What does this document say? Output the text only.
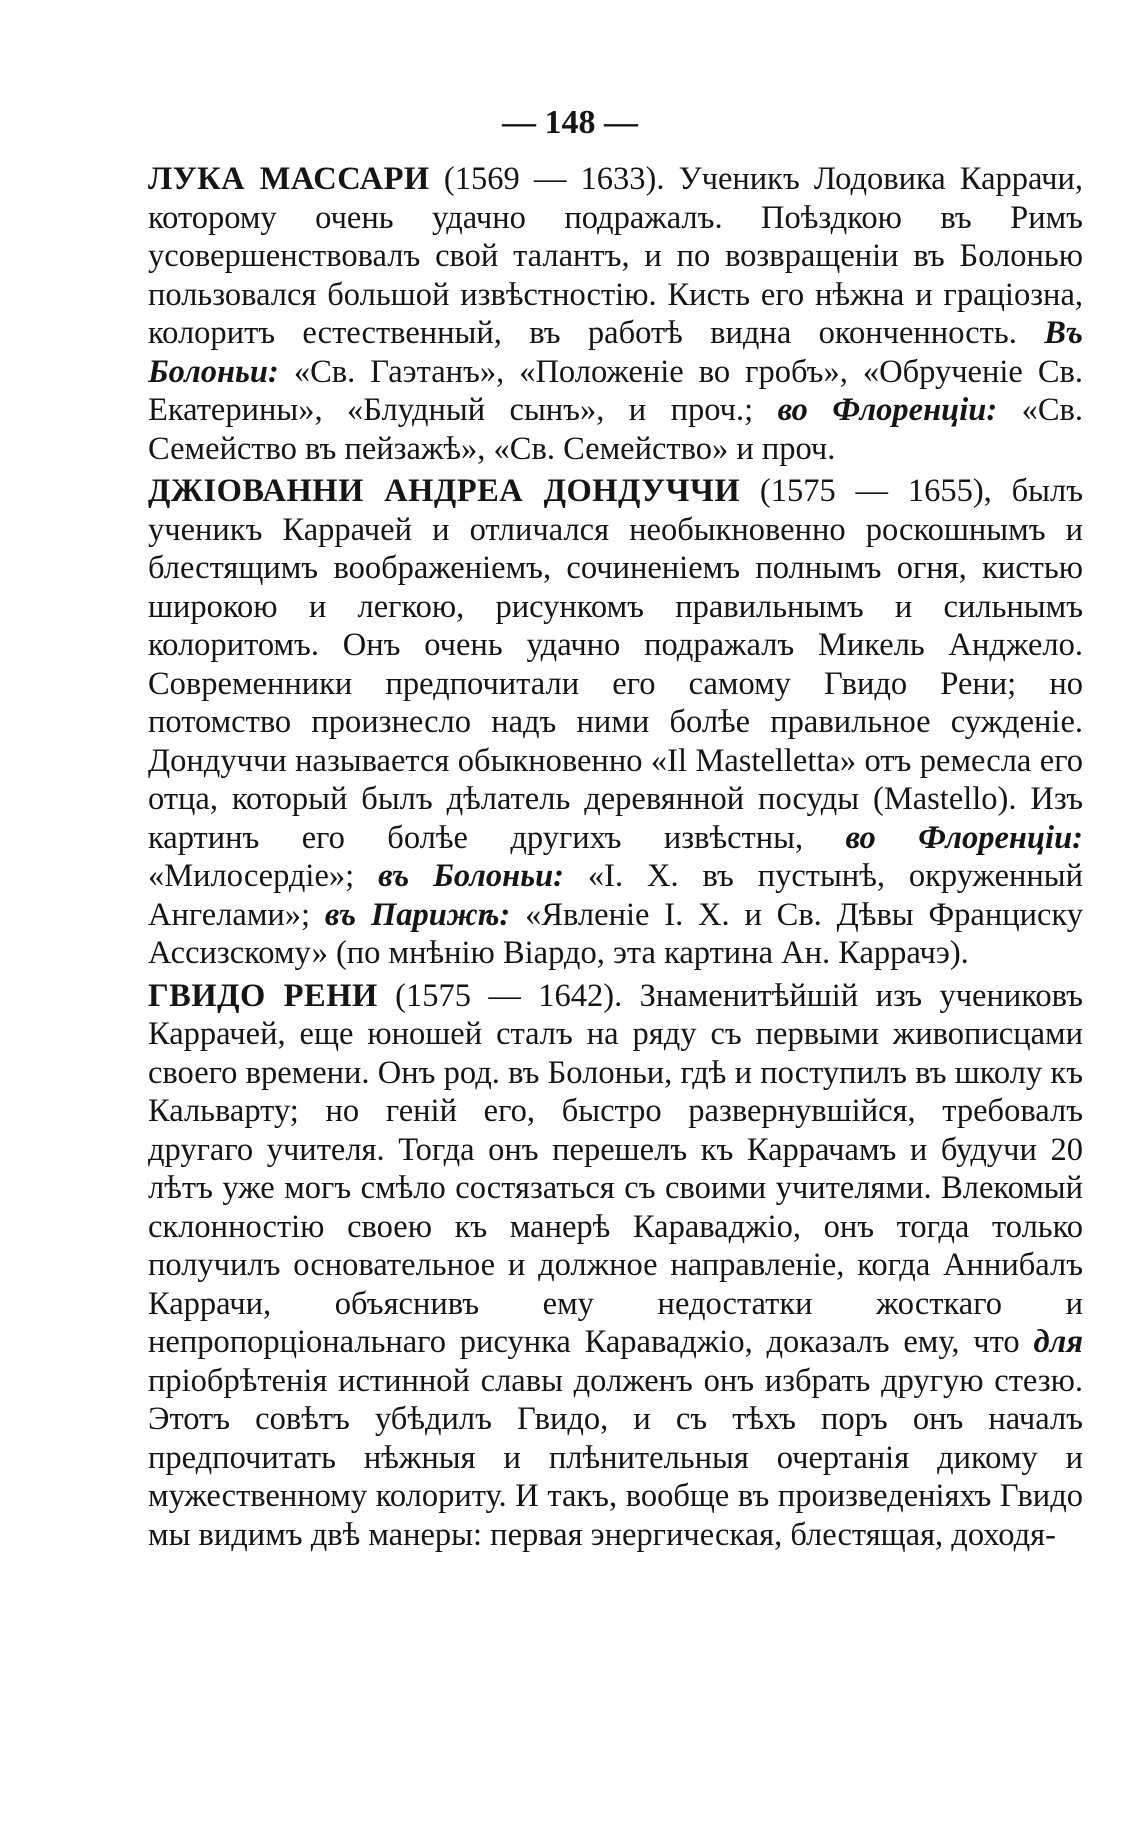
— 148 —

ЛУКА МАССАРИ (1569 — 1633). Ученикъ Лодовика Каррачи, которому очень удачно подражалъ. Поѣздкою въ Римъ усовершенствовалъ свой талантъ, и по возвращеніи въ Болонью пользовался большой извѣстностію. Кисть его нѣжна и граціозна, колоритъ естественный, въ работѣ видна оконченность. Въ Болоньи: «Св. Гаэтанъ», «Положеніе во гробъ», «Обрученіе Св. Екатерины», «Блудный сынъ», и проч.; во Флоренціи: «Св. Семейство въ пейзажѣ», «Св. Семейство» и проч.

ДЖІОВАННИ АНДРЕА ДОНДУЧЧИ (1575 — 1655), былъ ученикъ Каррачей и отличался необыкновенно роскошнымъ и блестящимъ воображеніемъ, сочиненіемъ полнымъ огня, кистью широкою и легкою, рисункомъ правильнымъ и сильнымъ колоритомъ. Онъ очень удачно подражалъ Микель Анджело. Современники предпочитали его самому Гвидо Рени; но потомство произнесло надъ ними болѣе правильное сужденіе. Дондуччи называется обыкновенно «Il Mastelletta» отъ ремесла его отца, который былъ дѣлатель деревянной посуды (Mastello). Изъ картинъ его болѣе другихъ извѣстны, во Флоренціи: «Милосердіе»; въ Болоньи: «І. Х. въ пустынѣ, окруженный Ангелами»; въ Парижѣ: «Явленіе І. Х. и Св. Дѣвы Франциску Ассизскому» (по мнѣнію Віардо, эта картина Ан. Каррачэ).

ГВИДО РЕНИ (1575 — 1642). Знаменитѣйшій изъ учениковъ Каррачей, еще юношей сталъ на ряду съ первыми живописцами своего времени. Онъ род. въ Болоньи, гдѣ и поступилъ въ школу къ Кальварту; но геній его, быстро развернувшійся, требовалъ другаго учителя. Тогда онъ перешелъ къ Каррачамъ и будучи 20 лѣтъ уже могъ смѣло состязаться съ своими учителями. Влекомый склонностію своею къ манерѣ Караваджіо, онъ тогда только получилъ основательное и должное направленіе, когда Аннибалъ Каррачи, объяснивъ ему недостатки жосткаго и непропорціональнаго рисунка Караваджіо, доказалъ ему, что для пріобрѣтенія истинной славы долженъ онъ избрать другую стезю. Этотъ совѣтъ убѣдилъ Гвидо, и съ тѣхъ поръ онъ началъ предпочитать нѣжныя и плѣнительныя очертанія дикому и мужественному колориту. И такъ, вообще въ произведеніяхъ Гвидо мы видимъ двѣ манеры: первая энергическая, блестящая, доходя-
